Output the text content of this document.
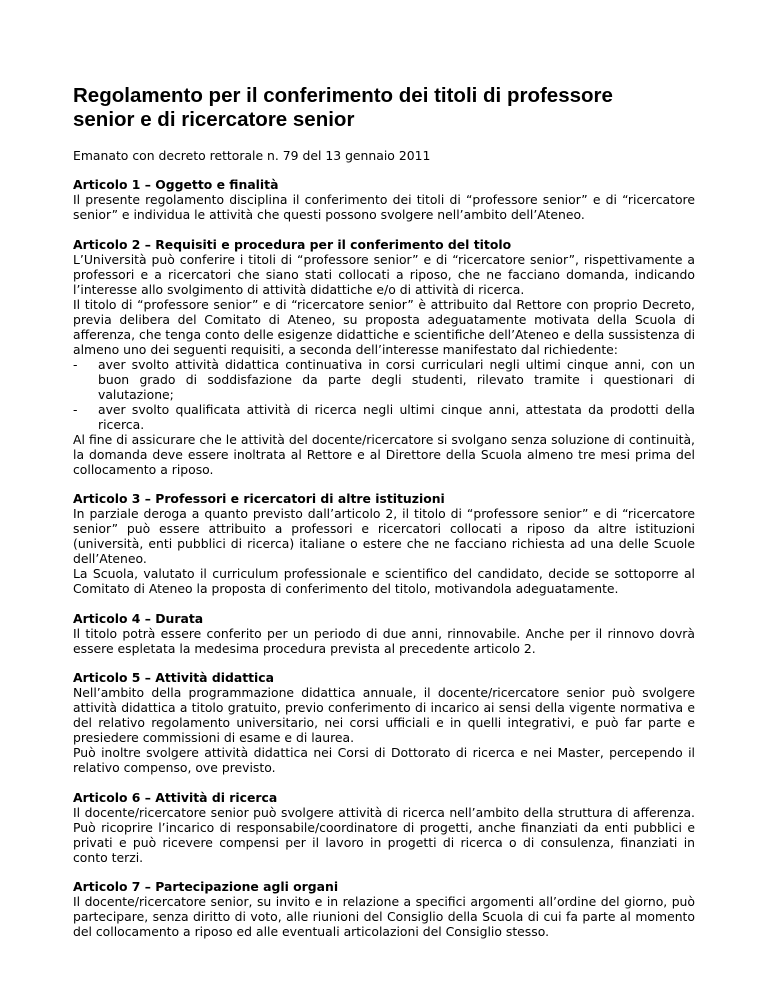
Regolamento per il conferimento dei titoli di professore
senior e di ricercatore senior
Emanato con decreto rettorale n. 79 del 13 gennaio 2011
Articolo 1 – Oggetto e finalità
Il presente regolamento disciplina il conferimento dei titoli di “professore senior” e di “ricercatore senior” e individua le attività che questi possono svolgere nell’ambito dell’Ateneo.
Articolo 2 – Requisiti e procedura per il conferimento del titolo
L’Università può conferire i titoli di “professore senior” e di “ricercatore senior”, rispettivamente a professori e a ricercatori che siano stati collocati a riposo, che ne facciano domanda, indicando l’interesse allo svolgimento di attività didattiche e/o di attività di ricerca.
Il titolo di “professore senior” e di “ricercatore senior” è attribuito dal Rettore con proprio Decreto, previa delibera del Comitato di Ateneo, su proposta adeguatamente motivata della Scuola di afferenza, che tenga conto delle esigenze didattiche e scientifiche dell’Ateneo e della sussistenza di almeno uno dei seguenti requisiti, a seconda dell’interesse manifestato dal richiedente:
- aver svolto attività didattica continuativa in corsi curriculari negli ultimi cinque anni, con un buon grado di soddisfazione da parte degli studenti, rilevato tramite i questionari di valutazione;
- aver svolto qualificata attività di ricerca negli ultimi cinque anni, attestata da prodotti della ricerca.
Al fine di assicurare che le attività del docente/ricercatore si svolgano senza soluzione di continuità, la domanda deve essere inoltrata al Rettore e al Direttore della Scuola almeno tre mesi prima del collocamento a riposo.
Articolo 3 – Professori e ricercatori di altre istituzioni
In parziale deroga a quanto previsto dall’articolo 2, il titolo di “professore senior” e di “ricercatore senior” può essere attribuito a professori e ricercatori collocati a riposo da altre istituzioni (università, enti pubblici di ricerca) italiane o estere che ne facciano richiesta ad una delle Scuole dell’Ateneo.
La Scuola, valutato il curriculum professionale e scientifico del candidato, decide se sottoporre al Comitato di Ateneo la proposta di conferimento del titolo, motivandola adeguatamente.
Articolo 4 – Durata
Il titolo potrà essere conferito per un periodo di due anni, rinnovabile. Anche per il rinnovo dovrà essere espletata la medesima procedura prevista al precedente articolo 2.
Articolo 5 – Attività didattica
Nell’ambito della programmazione didattica annuale, il docente/ricercatore senior può svolgere attività didattica a titolo gratuito, previo conferimento di incarico ai sensi della vigente normativa e del relativo regolamento universitario, nei corsi ufficiali e in quelli integrativi, e può far parte e presiedere commissioni di esame e di laurea.
Può inoltre svolgere attività didattica nei Corsi di Dottorato di ricerca e nei Master, percependo il relativo compenso, ove previsto.
Articolo 6 – Attività di ricerca
Il docente/ricercatore senior può svolgere attività di ricerca nell’ambito della struttura di afferenza. Può ricoprire l’incarico di responsabile/coordinatore di progetti, anche finanziati da enti pubblici e privati e può ricevere compensi per il lavoro in progetti di ricerca o di consulenza, finanziati in conto terzi.
Articolo 7 – Partecipazione agli organi
Il docente/ricercatore senior, su invito e in relazione a specifici argomenti all’ordine del giorno, può partecipare, senza diritto di voto, alle riunioni del Consiglio della Scuola di cui fa parte al momento del collocamento a riposo ed alle eventuali articolazioni del Consiglio stesso.
